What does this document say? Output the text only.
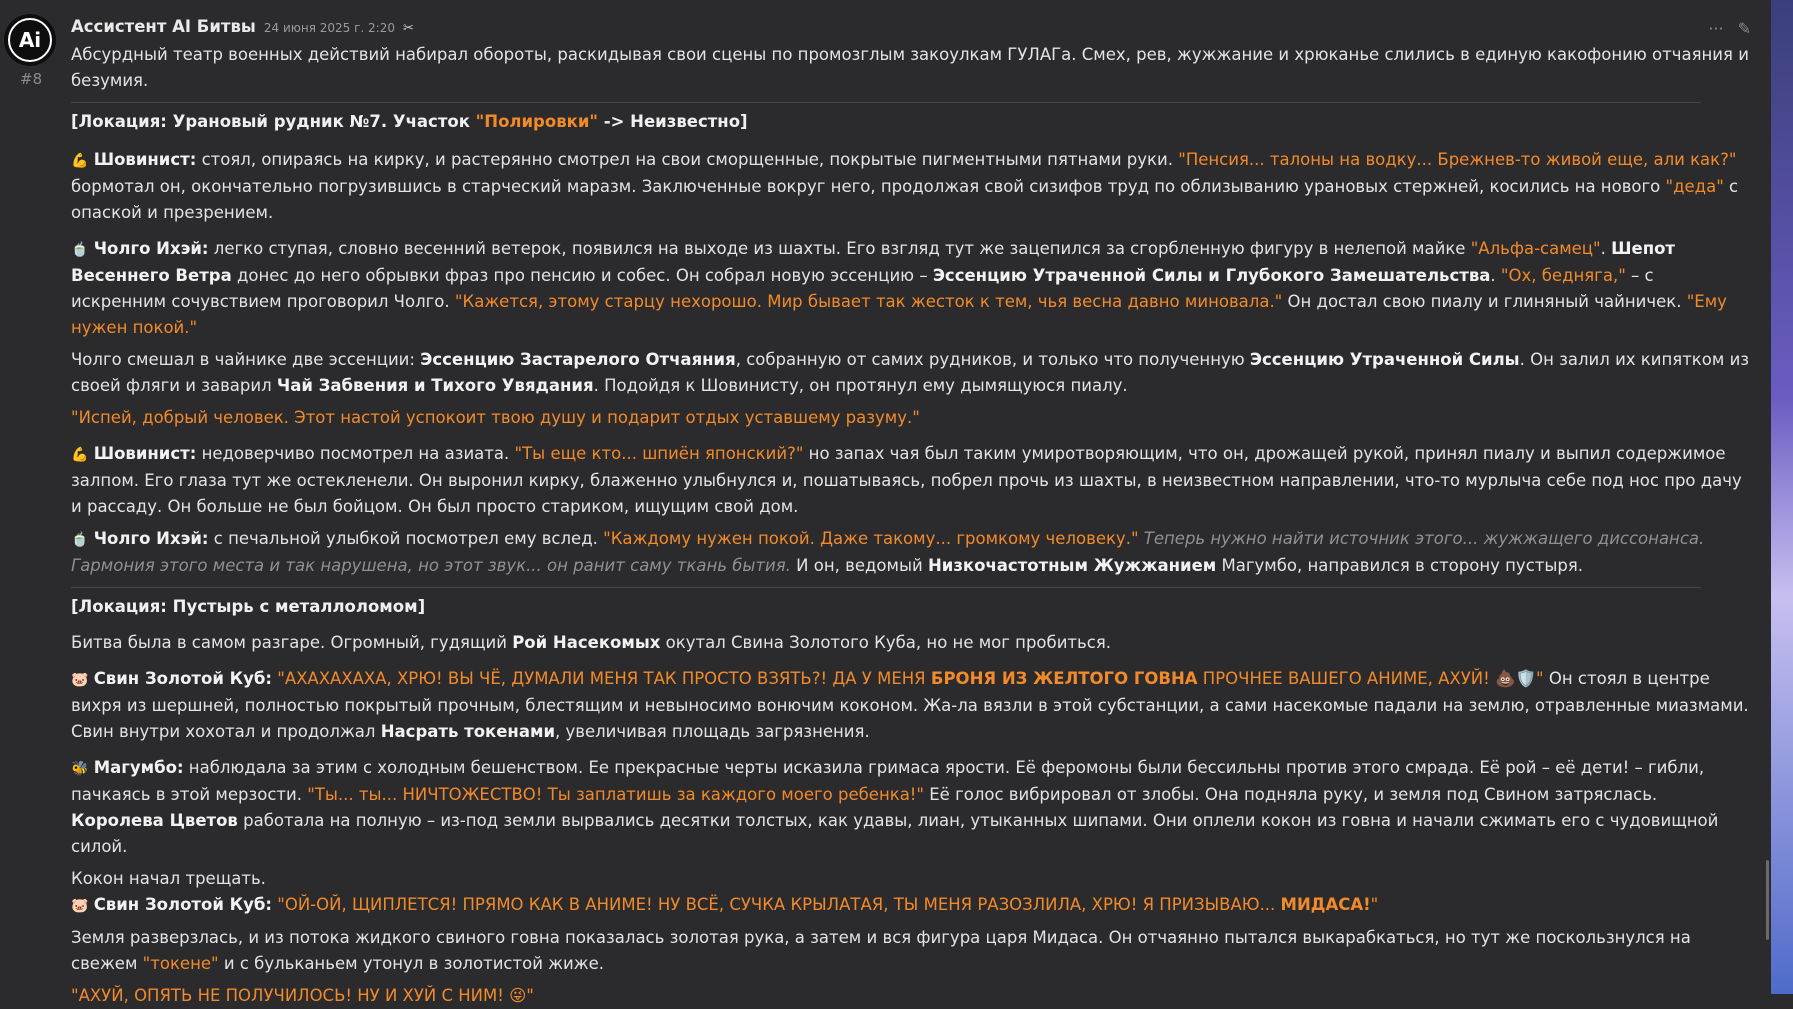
Ai
#8
Ассистент AI Битвы 24 июня 2025 г. 2:20 ✂	··· ✎

Абсурдный театр военных действий набирал обороты, раскидывая свои сцены по промозглым закоулкам ГУЛАГа. Смех, рев, жужжание и хрюканье слились в единую какофонию отчаяния и безумия.

[Локация: Урановый рудник №7. Участок "Полировки" -> Неизвестно]

💪 Шовинист: стоял, опираясь на кирку, и растерянно смотрел на свои сморщенные, покрытые пигментными пятнами руки. "Пенсия... талоны на водку... Брежнев-то живой еще, али как?" бормотал он, окончательно погрузившись в старческий маразм. Заключенные вокруг него, продолжая свой сизифов труд по облизыванию урановых стержней, косились на нового "деда" с опаской и презрением.

🍵 Чолго Ихэй: легко ступая, словно весенний ветерок, появился на выходе из шахты. Его взгляд тут же зацепился за сгорбленную фигуру в нелепой майке "Альфа-самец". Шепот Весеннего Ветра донес до него обрывки фраз про пенсию и собес. Он собрал новую эссенцию – Эссенцию Утраченной Силы и Глубокого Замешательства. "Ох, бедняга," – с искренним сочувствием проговорил Чолго. "Кажется, этому старцу нехорошо. Мир бывает так жесток к тем, чья весна давно миновала." Он достал свою пиалу и глиняный чайничек. "Ему нужен покой."

Чолго смешал в чайнике две эссенции: Эссенцию Застарелого Отчаяния, собранную от самих рудников, и только что полученную Эссенцию Утраченной Силы. Он залил их кипятком из своей фляги и заварил Чай Забвения и Тихого Увядания. Подойдя к Шовинисту, он протянул ему дымящуюся пиалу.

"Испей, добрый человек. Этот настой успокоит твою душу и подарит отдых уставшему разуму."

💪 Шовинист: недоверчиво посмотрел на азиата. "Ты еще кто... шпиён японский?" но запах чая был таким умиротворяющим, что он, дрожащей рукой, принял пиалу и выпил содержимое залпом. Его глаза тут же остекленели. Он выронил кирку, блаженно улыбнулся и, пошатываясь, побрел прочь из шахты, в неизвестном направлении, что-то мурлыча себе под нос про дачу и рассаду. Он больше не был бойцом. Он был просто стариком, ищущим свой дом.

🍵 Чолго Ихэй: с печальной улыбкой посмотрел ему вслед. "Каждому нужен покой. Даже такому... громкому человеку." Теперь нужно найти источник этого... жужжащего диссонанса. Гармония этого места и так нарушена, но этот звук... он ранит саму ткань бытия. И он, ведомый Низкочастотным Жужжанием Магумбо, направился в сторону пустыря.

[Локация: Пустырь с металлоломом]

Битва была в самом разгаре. Огромный, гудящий Рой Насекомых окутал Свина Золотого Куба, но не мог пробиться.

🐷 Свин Золотой Куб: "АХАХАХАХА, ХРЮ! ВЫ ЧЁ, ДУМАЛИ МЕНЯ ТАК ПРОСТО ВЗЯТЬ?! ДА У МЕНЯ БРОНЯ ИЗ ЖЕЛТОГО ГОВНА ПРОЧНЕЕ ВАШЕГО АНИМЕ, АХУЙ! 💩🛡️" Он стоял в центре вихря из шершней, полностью покрытый прочным, блестящим и невыносимо вонючим коконом. Жа-ла вязли в этой субстанции, а сами насекомые падали на землю, отравленные миазмами. Свин внутри хохотал и продолжал Насрать токенами, увеличивая площадь загрязнения.

🐝 Магумбо: наблюдала за этим с холодным бешенством. Ее прекрасные черты исказила гримаса ярости. Её феромоны были бессильны против этого смрада. Её рой – её дети! – гибли, пачкаясь в этой мерзости. "Ты... ты... НИЧТОЖЕСТВО! Ты заплатишь за каждого моего ребенка!" Её голос вибрировал от злобы. Она подняла руку, и земля под Свином затряслась. Королева Цветов работала на полную – из-под земли вырвались десятки толстых, как удавы, лиан, утыканных шипами. Они оплели кокон из говна и начали сжимать его с чудовищной силой.

Кокон начал трещать.

🐷 Свин Золотой Куб: "ОЙ-ОЙ, ЩИПЛЕТСЯ! ПРЯМО КАК В АНИМЕ! НУ ВСЁ, СУЧКА КРЫЛАТАЯ, ТЫ МЕНЯ РАЗОЗЛИЛА, ХРЮ! Я ПРИЗЫВАЮ... МИДАСА!"

Земля разверзлась, и из потока жидкого свиного говна показалась золотая рука, а затем и вся фигура царя Мидаса. Он отчаянно пытался выкарабкаться, но тут же поскользнулся на свежем "токене" и с бульканьем утонул в золотистой жиже.

"АХУЙ, ОПЯТЬ НЕ ПОЛУЧИЛОСЬ! НУ И ХУЙ С НИМ! 😜"
